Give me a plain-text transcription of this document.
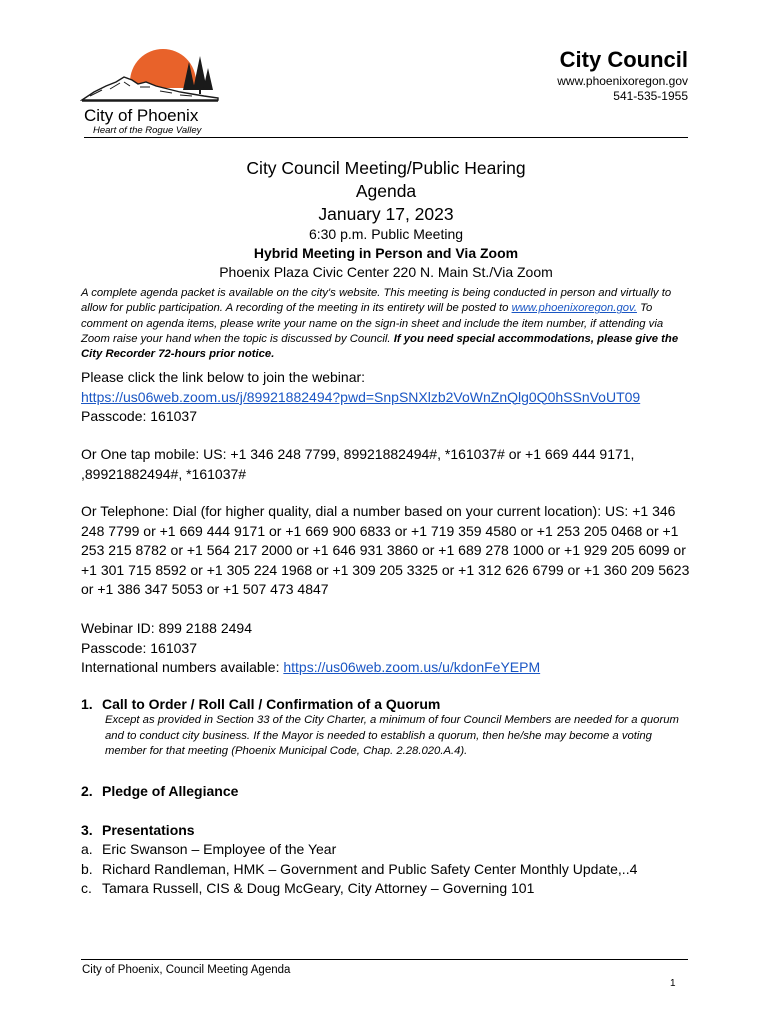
City of Phoenix
Heart of the Rogue Valley
City Council
www.phoenixoregon.gov
541-535-1955
City Council Meeting/Public Hearing
Agenda
January 17, 2023
6:30 p.m. Public Meeting
Hybrid Meeting in Person and Via Zoom
Phoenix Plaza Civic Center 220 N. Main St./Via Zoom
A complete agenda packet is available on the city's website. This meeting is being conducted in person and virtually to allow for public participation. A recording of the meeting in its entirety will be posted to www.phoenixoregon.gov. To comment on agenda items, please write your name on the sign-in sheet and include the item number, if attending via Zoom raise your hand when the topic is discussed by Council. If you need special accommodations, please give the City Recorder 72-hours prior notice.
Please click the link below to join the webinar:
https://us06web.zoom.us/j/89921882494?pwd=SnpSNXlzb2VoWnZnQlg0Q0hSSnVoUT09
Passcode: 161037
Or One tap mobile: US: +1 346 248 7799, 89921882494#, *161037# or +1 669 444 9171, ,89921882494#, *161037#
Or Telephone: Dial (for higher quality, dial a number based on your current location): US: +1 346 248 7799 or +1 669 444 9171 or +1 669 900 6833 or +1 719 359 4580 or +1 253 205 0468 or +1 253 215 8782 or +1 564 217 2000 or +1 646 931 3860 or +1 689 278 1000 or +1 929 205 6099 or +1 301 715 8592 or +1 305 224 1968 or +1 309 205 3325 or +1 312 626 6799 or +1 360 209 5623 or +1 386 347 5053 or +1 507 473 4847
Webinar ID: 899 2188 2494
Passcode: 161037
International numbers available: https://us06web.zoom.us/u/kdonFeYEPM
1. Call to Order / Roll Call / Confirmation of a Quorum
Except as provided in Section 33 of the City Charter, a minimum of four Council Members are needed for a quorum and to conduct city business. If the Mayor is needed to establish a quorum, then he/she may become a voting member for that meeting (Phoenix Municipal Code, Chap. 2.28.020.A.4).
2. Pledge of Allegiance
3. Presentations
a. Eric Swanson – Employee of the Year
b. Richard Randleman, HMK – Government and Public Safety Center Monthly Update,..4
c. Tamara Russell, CIS & Doug McGeary, City Attorney – Governing 101
City of Phoenix, Council Meeting Agenda
1
